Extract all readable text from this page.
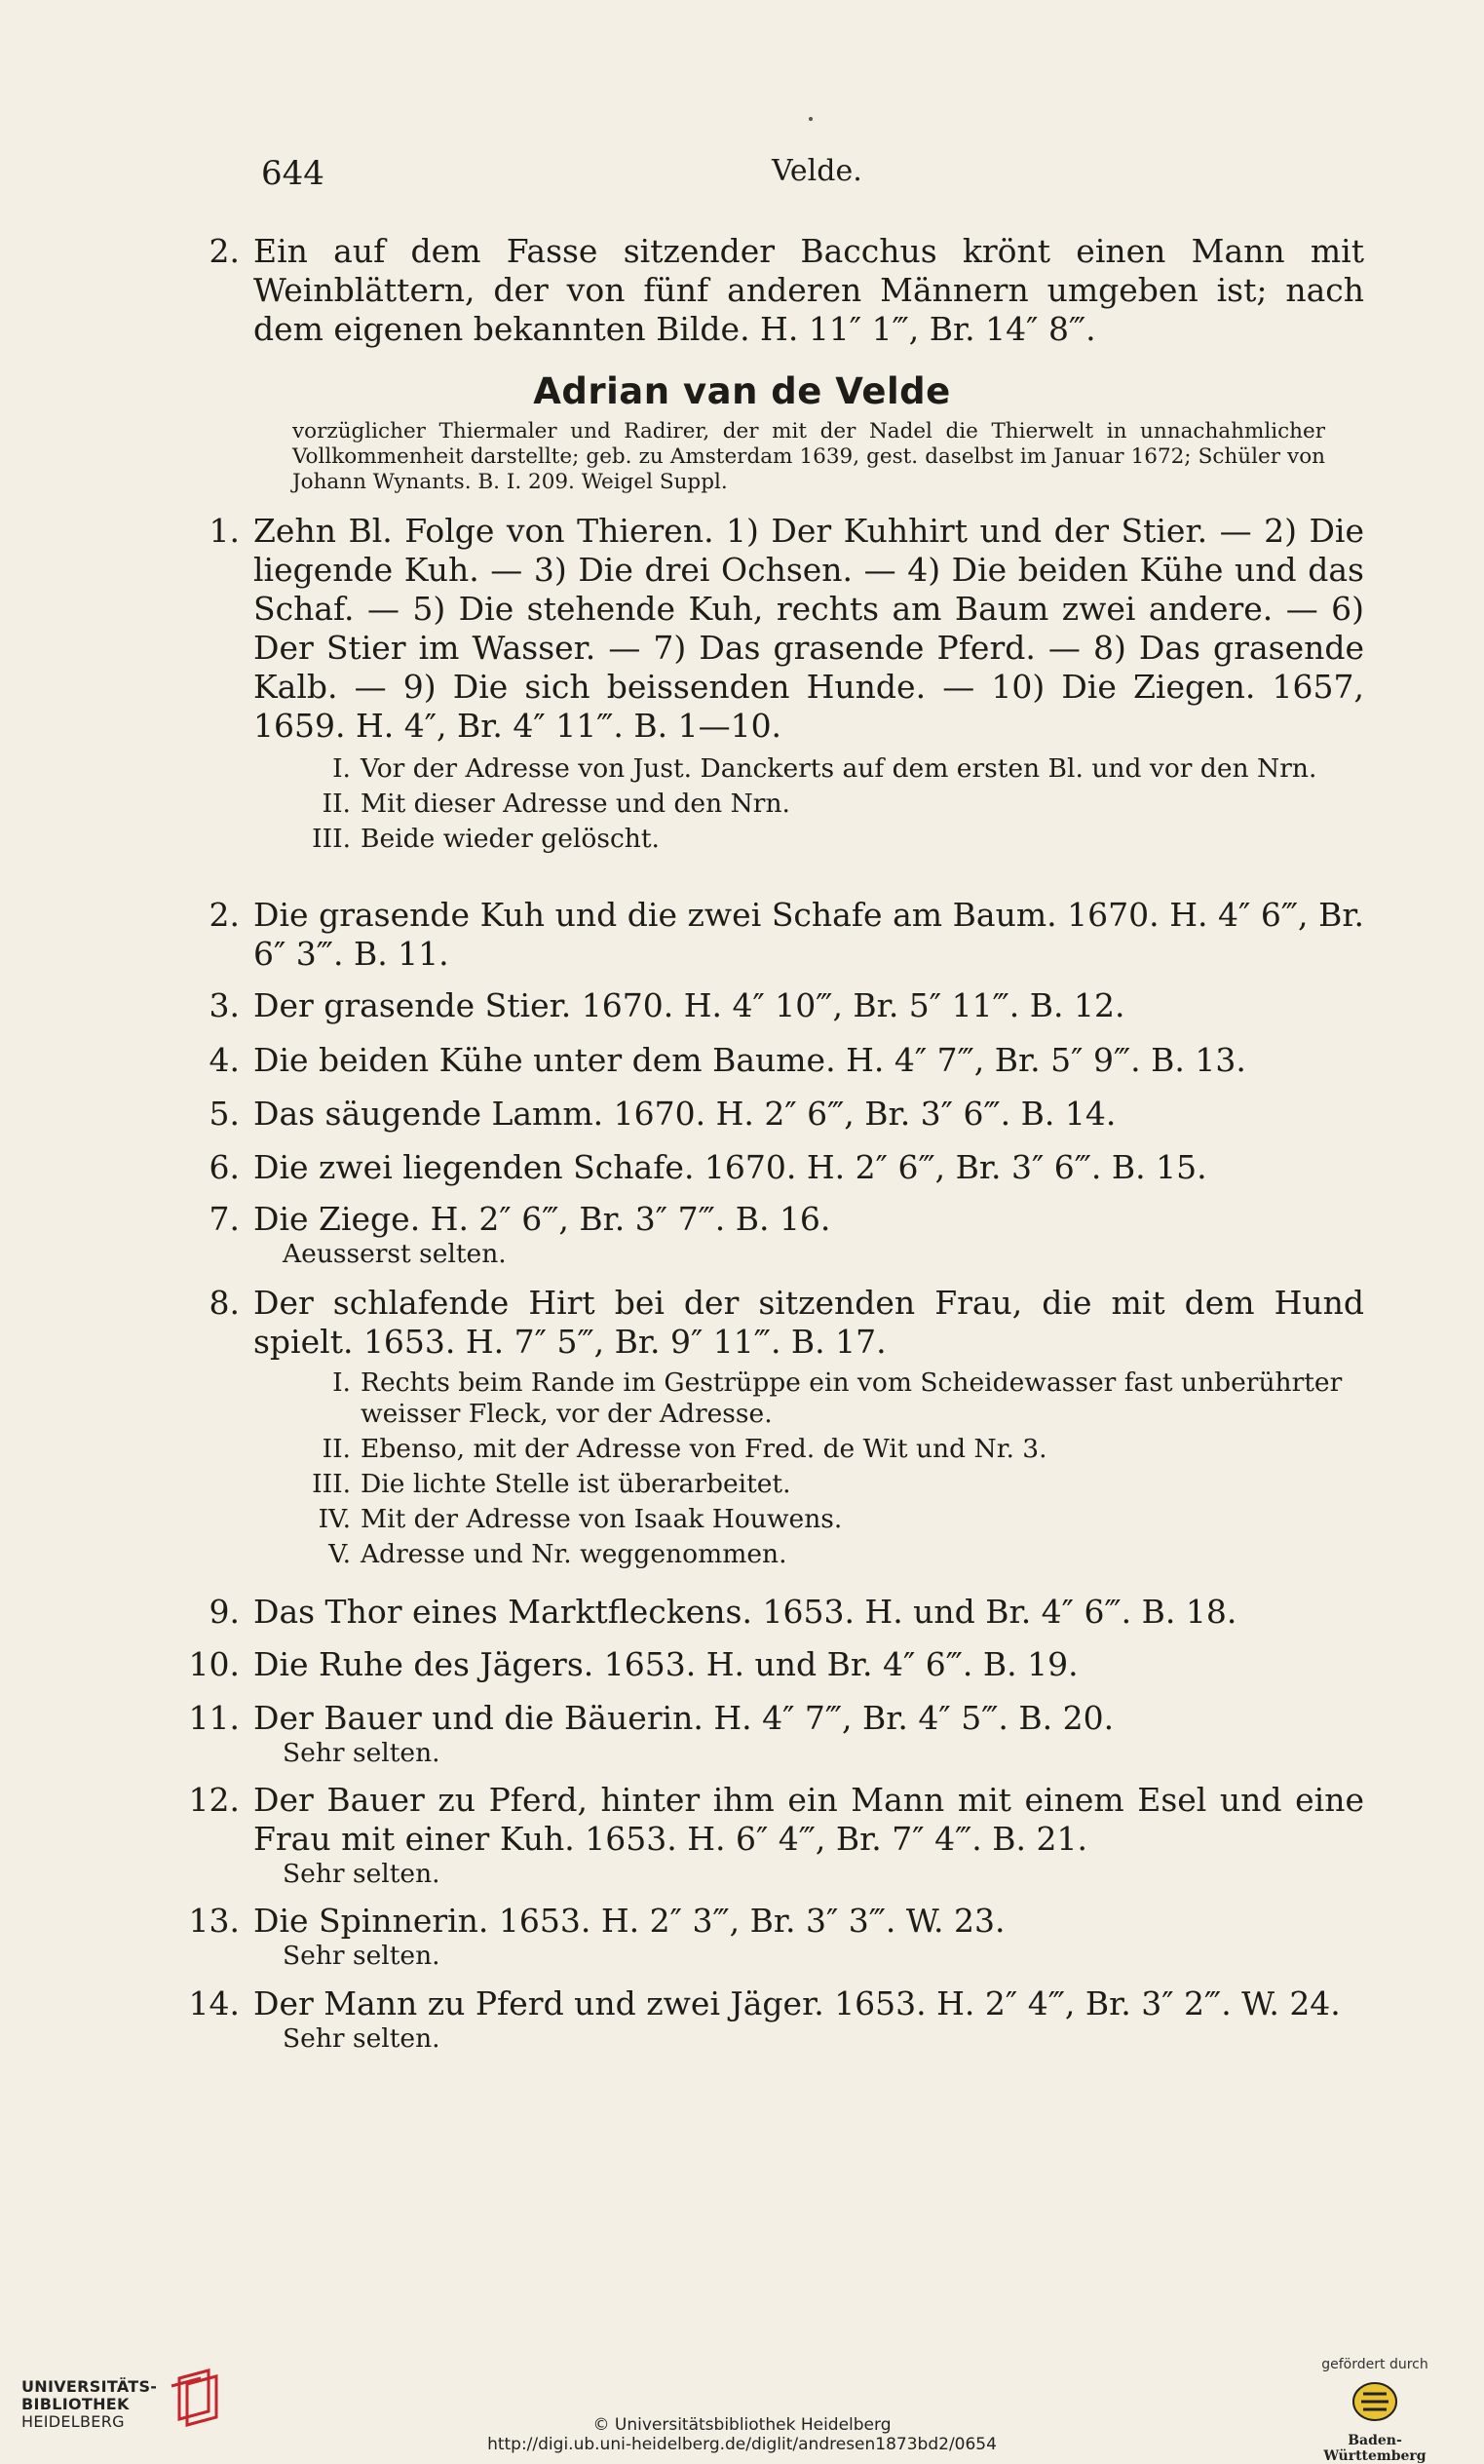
644	Velde.
2. Ein auf dem Fasse sitzender Bacchus krönt einen Mann mit Weinblättern, der von fünf anderen Männern umgeben ist; nach dem eigenen bekannten Bilde. H. 11″ 1‴, Br. 14″ 8‴.
Adrian van de Velde
vorzüglicher Thiermaler und Radirer, der mit der Nadel die Thierwelt in unnachahmlicher Vollkommenheit darstellte; geb. zu Amsterdam 1639, gest. daselbst im Januar 1672; Schüler von Johann Wynants. B. I. 209. Weigel Suppl.
1. Zehn Bl. Folge von Thieren. 1) Der Kuhhirt und der Stier. — 2) Die liegende Kuh. — 3) Die drei Ochsen. — 4) Die beiden Kühe und das Schaf. — 5) Die stehende Kuh, rechts am Baum zwei andere. — 6) Der Stier im Wasser. — 7) Das grasende Pferd. — 8) Das grasende Kalb. — 9) Die sich beissenden Hunde. — 10) Die Ziegen. 1657, 1659. H. 4″, Br. 4″ 11‴. B. 1—10.
I. Vor der Adresse von Just. Danckerts auf dem ersten Bl. und vor den Nrn.
II. Mit dieser Adresse und den Nrn.
III. Beide wieder gelöscht.
2. Die grasende Kuh und die zwei Schafe am Baum. 1670. H. 4″ 6‴, Br. 6″ 3‴. B. 11.
3. Der grasende Stier. 1670. H. 4″ 10‴, Br. 5″ 11‴. B. 12.
4. Die beiden Kühe unter dem Baume. H. 4″ 7‴, Br. 5″ 9‴. B. 13.
5. Das säugende Lamm. 1670. H. 2″ 6‴, Br. 3″ 6‴. B. 14.
6. Die zwei liegenden Schafe. 1670. H. 2″ 6‴, Br. 3″ 6‴. B. 15.
7. Die Ziege. H. 2″ 6‴, Br. 3″ 7‴. B. 16.
Aeusserst selten.
8. Der schlafende Hirt bei der sitzenden Frau, die mit dem Hund spielt. 1653. H. 7″ 5‴, Br. 9″ 11‴. B. 17.
I. Rechts beim Rande im Gestrüppe ein vom Scheidewasser fast unberührter weisser Fleck, vor der Adresse.
II. Ebenso, mit der Adresse von Fred. de Wit und Nr. 3.
III. Die lichte Stelle ist überarbeitet.
IV. Mit der Adresse von Isaak Houwens.
V. Adresse und Nr. weggenommen.
9. Das Thor eines Marktfleckens. 1653. H. und Br. 4″ 6‴. B. 18.
10. Die Ruhe des Jägers. 1653. H. und Br. 4″ 6‴. B. 19.
11. Der Bauer und die Bäuerin. H. 4″ 7‴, Br. 4″ 5‴. B. 20.
Sehr selten.
12. Der Bauer zu Pferd, hinter ihm ein Mann mit einem Esel und eine Frau mit einer Kuh. 1653. H. 6″ 4‴, Br. 7″ 4‴. B. 21.
Sehr selten.
13. Die Spinnerin. 1653. H. 2″ 3‴, Br. 3″ 3‴. W. 23.
Sehr selten.
14. Der Mann zu Pferd und zwei Jäger. 1653. H. 2″ 4‴, Br. 3″ 2‴. W. 24.
Sehr selten.
UNIVERSITÄTS-
BIBLIOTHEK
HEIDELBERG	© Universitätsbibliothek Heidelberg
http://digi.ub.uni-heidelberg.de/diglit/andresen1873bd2/0654
gefördert durch
Baden-Württemberg
